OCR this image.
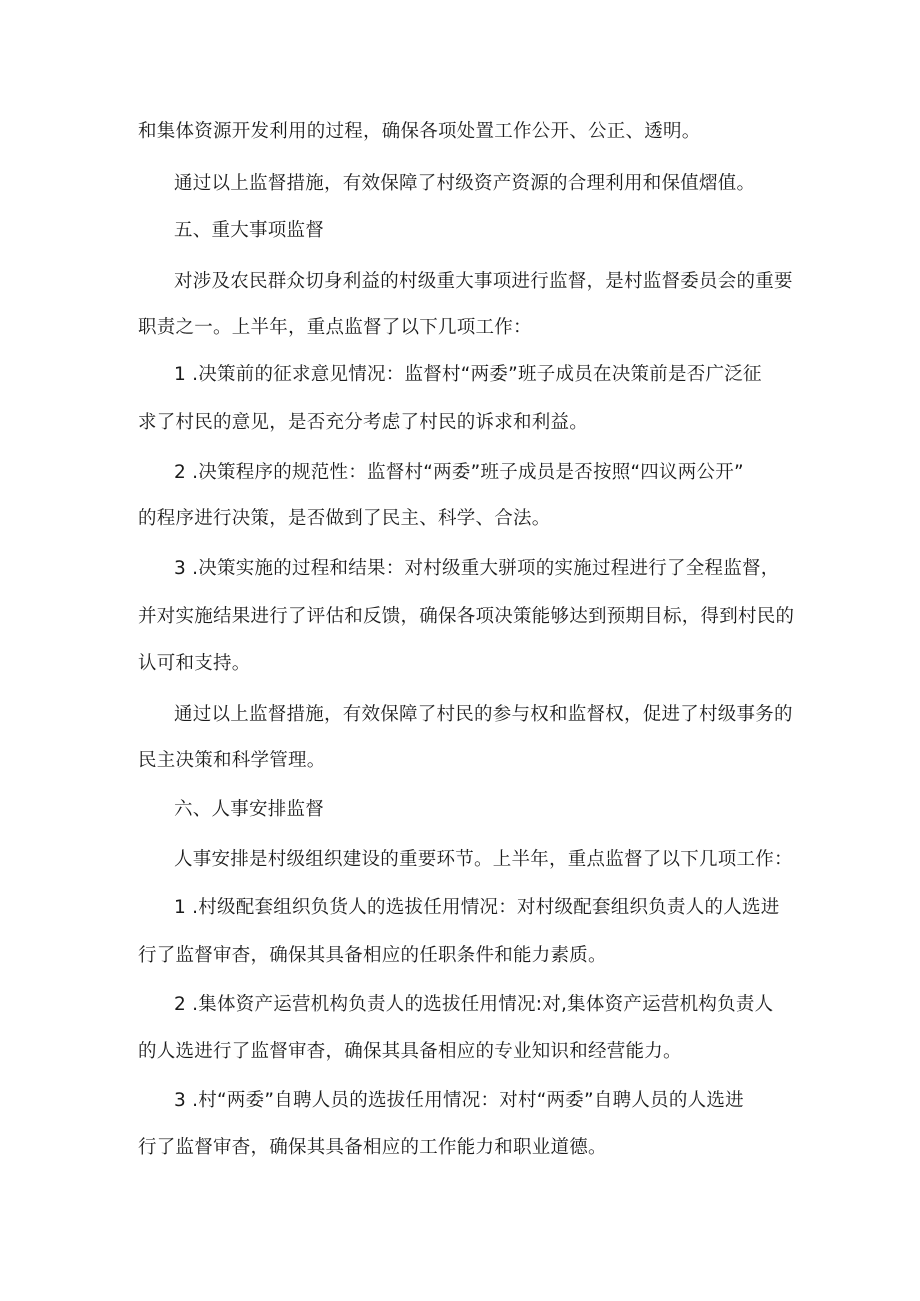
和集体资源开发利用的过程，确保各项处置工作公开、公正、透明。
通过以上监督措施，有效保障了村级资产资源的合理利用和保值熠值。
五、重大事项监督
对涉及农民群众切身利益的村级重大事项进行监督，是村监督委员会的重要
职责之一。上半年，重点监督了以下几项工作：
1 .决策前的征求意见情况：监督村“两委”班子成员在决策前是否广泛征
求了村民的意见，是否充分考虑了村民的诉求和利益。
2 .决策程序的规范性：监督村“两委”班子成员是否按照“四议两公开”
的程序进行决策，是否做到了民主、科学、合法。
3 .决策实施的过程和结果：对村级重大骈项的实施过程进行了全程监督，
并对实施结果进行了评估和反馈，确保各项决策能够达到预期目标，得到村民的
认可和支持。
通过以上监督措施，有效保障了村民的参与权和监督权，促进了村级事务的
民主决策和科学管理。
六、人事安排监督
人事安排是村级组织建设的重要环节。上半年，重点监督了以下几项工作：
1 .村级配套组织负货人的选拔任用情况：对村级配套组织负责人的人选进
行了监督审杳，确保其具备相应的任职条件和能力素质。
2 .集体资产运营机构负责人的选拔任用情况:对,集体资产运营机构负责人
的人选进行了监督审杳，确保其具备相应的专业知识和经营能力。
3 .村“两委”自聘人员的选拔任用情况：对村“两委”自聘人员的人选进
行了监督审杳，确保其具备相应的工作能力和职业道德。
